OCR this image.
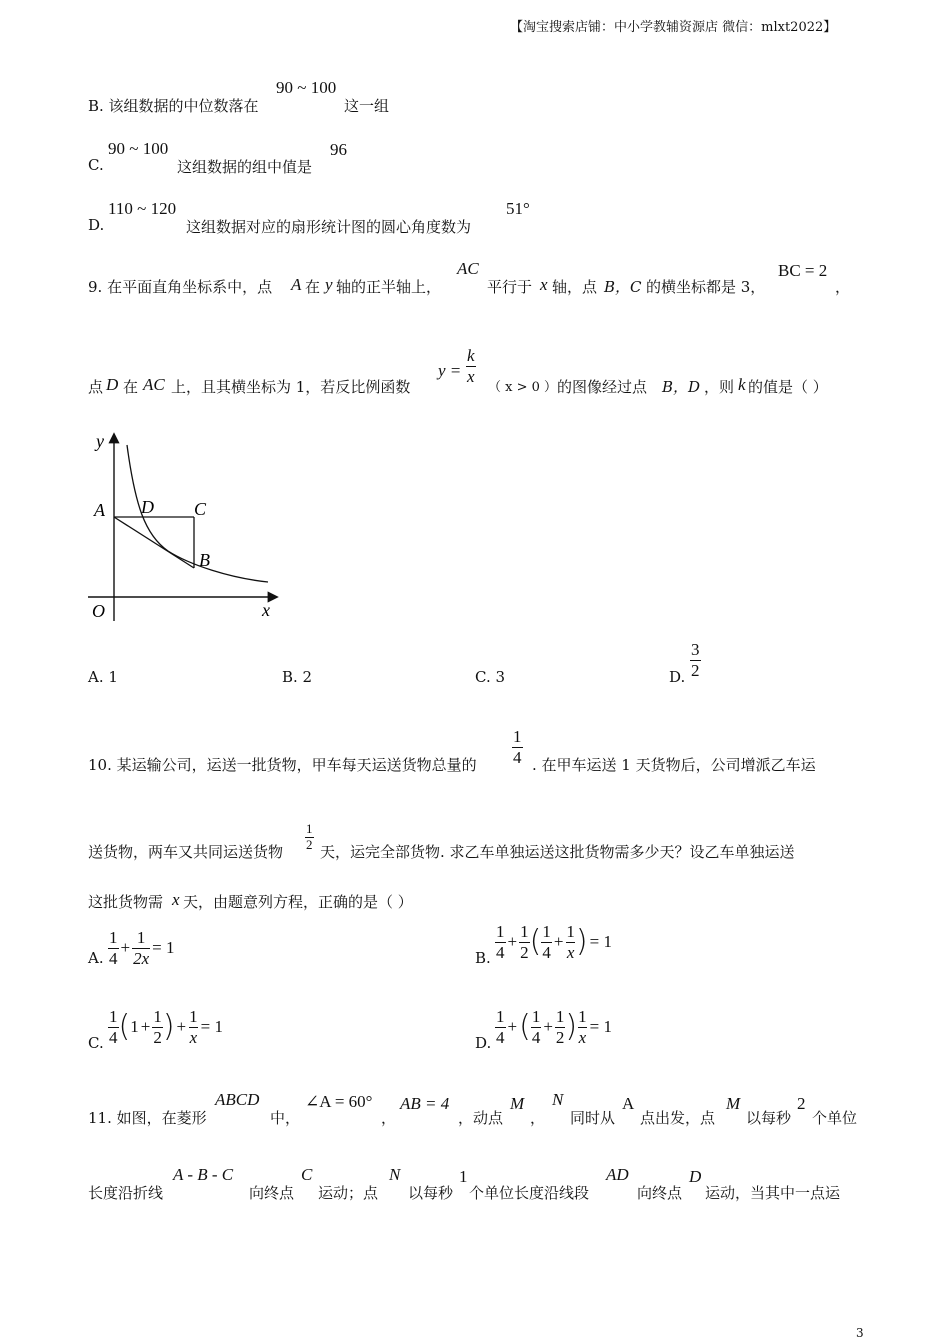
【淘宝搜索店铺：中小学教辅资源店 微信：mlxt2022】
B. 该组数据的中位数落在
90 ~ 100
这一组
C.
90 ~ 100
这组数据的组中值是
96
D.
110 ~ 120
这组数据对应的扇形统计图的圆心角度数为
51°
9. 在平面直角坐标系中，点 A 在 y 轴的正半轴上，
AC
平行于 x 轴，点 B，C 的横坐标都是 3，
BC = 2
，
点 D 在 AC 上，且其横坐标为 1，若反比例函数
$y = \frac{k}{x}$
（ x > 0 ） 的图像经过点 B，D ，则 k 的值是（ ）
y
x
O
A D C
B
A. 1	B. 2	C. 3	D. $\frac{3}{2}$
10. 某运输公司，运送一批货物，甲车每天运送货物总量的 $\frac{1}{4}$ . 在甲车运送 1 天货物后，公司增派乙车运
送货物，两车又共同运送货物 $\frac{1}{2}$ 天，运完全部货物. 求乙车单独运送这批货物需多少天？设乙车单独运送
这批货物需 x 天，由题意列方程，正确的是（ ）
A. $\frac{1}{4} + \frac{1}{2x} = 1$
B. $\frac{1}{4} + \frac{1}{2}$ ( $\frac{1}{4} + \frac{1}{x}$ ) = 1
C. $\frac{1}{4}$ ( $1 + \frac{1}{2}$ ) + $\frac{1}{x} = 1$
D. $\frac{1}{4}$ + ( $\frac{1}{4} + \frac{1}{2}$ ) $\frac{1}{x} = 1$
11. 如图，在菱形
ABCD
中，
∠A = 60°
，
AB = 4
，动点
M
，
N
同时从
A
点出发，点
M
以每秒
2
个单位
长度沿折线
A - B - C
向终点
C
运动；点
N
以每秒
1
个单位长度沿线段
AD
向终点
D
运动，当其中一点运
3
